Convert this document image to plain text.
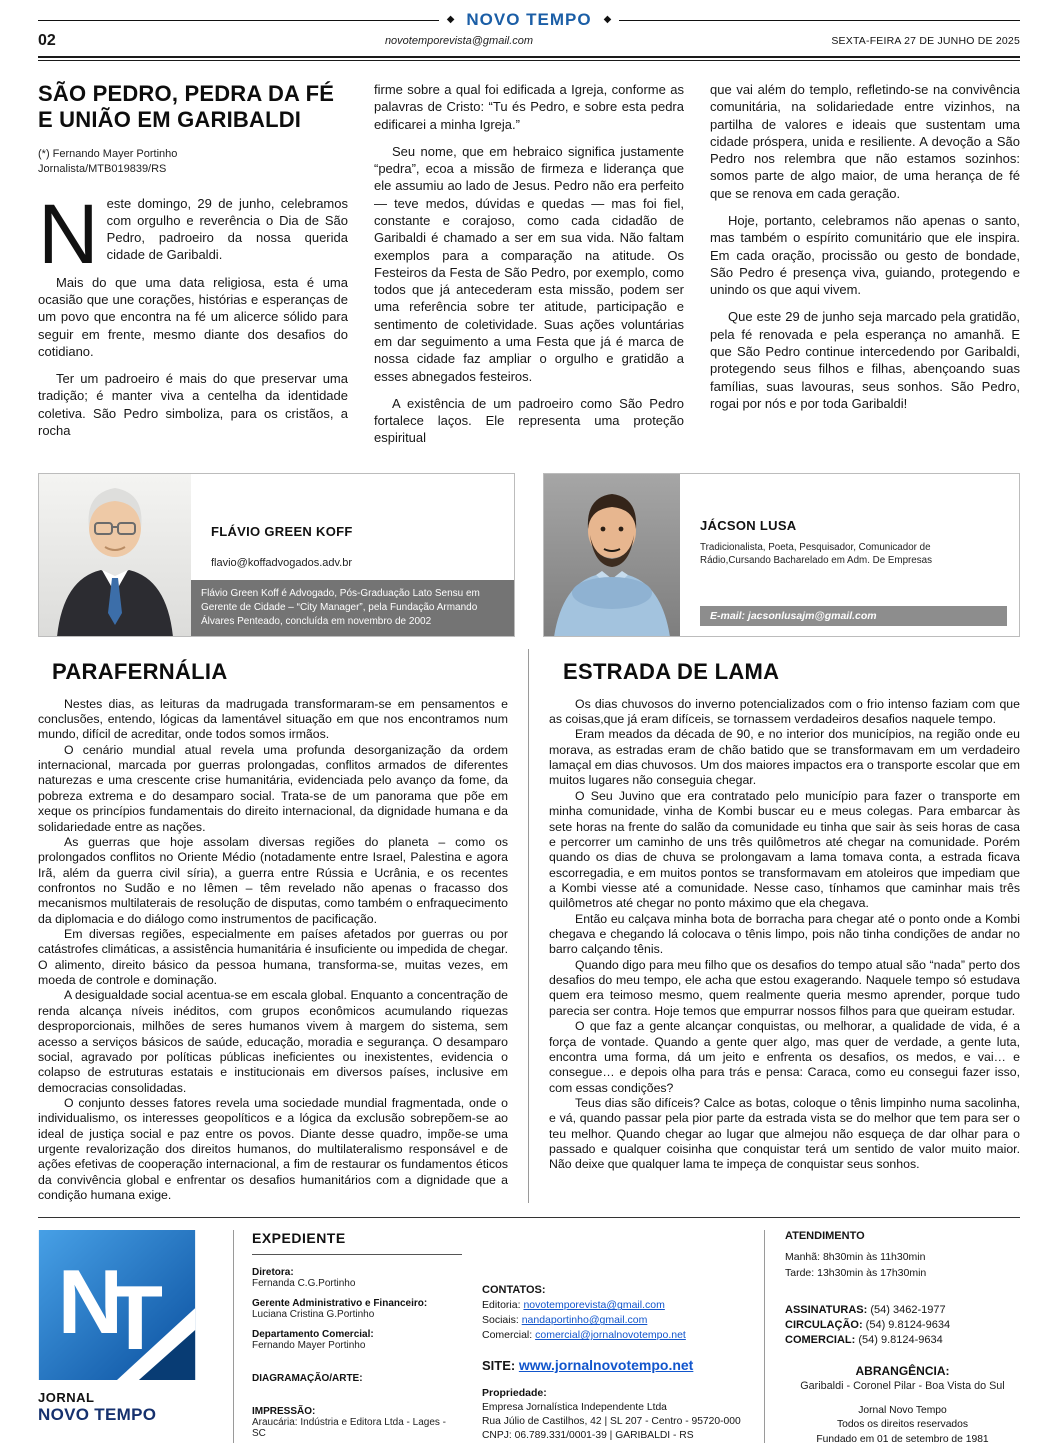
◆ NOVO TEMPO	◆
02	novotemporevista@gmail.com	SEXTA-FEIRA 27 DE JUNHO DE 2025
SÃO PEDRO, PEDRA DA FÉ E UNIÃO EM GARIBALDI

(*) Fernando Mayer Portinho

Jornalista/MTB019839/RS

Neste domingo, 29 de junho, celebramos com orgulho e reverência o Dia de São Pedro, padroeiro da nossa querida cidade de Garibaldi.

Mais do que uma data religiosa, esta é uma ocasião que une corações, histórias e esperanças de um povo que encontra na fé um alicerce sólido para seguir em frente, mesmo diante dos desafios do cotidiano.

Ter um padroeiro é mais do que preservar uma tradição; é manter viva a centelha da identidade coletiva. São Pedro simboliza, para os cristãos, a rocha

firme sobre a qual foi edificada a Igreja, conforme as palavras de Cristo: “Tu és Pedro, e sobre esta pedra edificarei a minha Igreja.”

Seu nome, que em hebraico significa justamente “pedra”, ecoa a missão de firmeza e liderança que ele assumiu ao lado de Jesus. Pedro não era perfeito — teve medos, dúvidas e quedas — mas foi fiel, constante e corajoso, como cada cidadão de Garibaldi é chamado a ser em sua vida. Não faltam exemplos para a comparação na atitude. Os Festeiros da Festa de São Pedro, por exemplo, como todos que já antecederam esta missão, podem ser uma referência sobre ter atitude, participação e sentimento de coletividade. Suas ações voluntárias em dar seguimento a uma Festa que já é marca de nossa cidade faz ampliar o orgulho e gratidão a esses abnegados festeiros.

A existência de um padroeiro como São Pedro fortalece laços. Ele representa uma proteção espiritual

que vai além do templo, refletindo-se na convivência comunitária, na solidariedade entre vizinhos, na partilha de valores e ideais que sustentam uma cidade próspera, unida e resiliente. A devoção a São Pedro nos relembra que não estamos sozinhos: somos parte de algo maior, de uma herança de fé que se renova em cada geração.

Hoje, portanto, celebramos não apenas o santo, mas também o espírito comunitário que ele inspira. Em cada oração, procissão ou gesto de bondade, São Pedro é presença viva, guiando, protegendo e unindo os que aqui vivem.

Que este 29 de junho seja marcado pela gratidão, pela fé renovada e pela esperança no amanhã. E que São Pedro continue intercedendo por Garibaldi, protegendo seus filhos e filhas, abençoando suas famílias, suas lavouras, seus sonhos. São Pedro, rogai por nós e por toda Garibaldi!

FLÁVIO GREEN KOFF
flavio@koffadvogados.adv.br
Flávio Green Koff é Advogado, Pós-Graduação Lato Sensu em Gerente de Cidade – “City Manager”, pela Fundação Armando Álvares Penteado, concluída em novembro de 2002
JÁCSON LUSA
Tradicionalista, Poeta, Pesquisador, Comunicador de Rádio,Cursando Bacharelado em Adm. De Empresas
E-mail: jacsonlusajm@gmail.com
PARAFERNÁLIA

Nestes dias, as leituras da madrugada transformaram-se em pensamentos e conclusões, entendo, lógicas da lamentável situação em que nos encontramos num mundo, difícil de acreditar, onde todos somos irmãos.

O cenário mundial atual revela uma profunda desorganização da ordem internacional, marcada por guerras prolongadas, conflitos armados de diferentes naturezas e uma crescente crise humanitária, evidenciada pelo avanço da fome, da pobreza extrema e do desamparo social. Trata-se de um panorama que põe em xeque os princípios fundamentais do direito internacional, da dignidade humana e da solidariedade entre as nações.

As guerras que hoje assolam diversas regiões do planeta – como os prolongados conflitos no Oriente Médio (notadamente entre Israel, Palestina e agora Irã, além da guerra civil síria), a guerra entre Rússia e Ucrânia, e os recentes confrontos no Sudão e no Iêmen – têm revelado não apenas o fracasso dos mecanismos multilaterais de resolução de disputas, como também o enfraquecimento da diplomacia e do diálogo como instrumentos de pacificação.

Em diversas regiões, especialmente em países afetados por guerras ou por catástrofes climáticas, a assistência humanitária é insuficiente ou impedida de chegar. O alimento, direito básico da pessoa humana, transforma-se, muitas vezes, em moeda de controle e dominação.

A desigualdade social acentua-se em escala global. Enquanto a concentração de renda alcança níveis inéditos, com grupos econômicos acumulando riquezas desproporcionais, milhões de seres humanos vivem à margem do sistema, sem acesso a serviços básicos de saúde, educação, moradia e segurança. O desamparo social, agravado por políticas públicas ineficientes ou inexistentes, evidencia o colapso de estruturas estatais e institucionais em diversos países, inclusive em democracias consolidadas.

O conjunto desses fatores revela uma sociedade mundial fragmentada, onde o individualismo, os interesses geopolíticos e a lógica da exclusão sobrepõem-se ao ideal de justiça social e paz entre os povos. Diante desse quadro, impõe-se uma urgente revalorização dos direitos humanos, do multilateralismo responsável e de ações efetivas de cooperação internacional, a fim de restaurar os fundamentos éticos da convivência global e enfrentar os desafios humanitários com a dignidade que a condição humana exige.

ESTRADA DE LAMA

Os dias chuvosos do inverno potencializados com o frio intenso faziam com que as coisas,que já eram difíceis, se tornassem verdadeiros desafios naquele tempo.

Eram meados da década de 90, e no interior dos municípios, na região onde eu morava, as estradas eram de chão batido que se transformavam em um verdadeiro lamaçal em dias chuvosos. Um dos maiores impactos era o transporte escolar que em muitos lugares não conseguia chegar.

O Seu Juvino que era contratado pelo município para fazer o transporte em minha comunidade, vinha de Kombi buscar eu e meus colegas. Para embarcar às sete horas na frente do salão da comunidade eu tinha que sair às seis horas de casa e percorrer um caminho de uns três quilômetros até chegar na comunidade. Porém quando os dias de chuva se prolongavam a lama tomava conta, a estrada ficava escorregadia, e em muitos pontos se transformavam em atoleiros que impediam que a Kombi viesse até a comunidade. Nesse caso, tínhamos que caminhar mais três quilômetros até chegar no ponto máximo que ela chegava.

Então eu calçava minha bota de borracha para chegar até o ponto onde a Kombi chegava e chegando lá colocava o tênis limpo, pois não tinha condições de andar no barro calçando tênis.

Quando digo para meu filho que os desafios do tempo atual são “nada” perto dos desafios do meu tempo, ele acha que estou exagerando. Naquele tempo só estudava quem era teimoso mesmo, quem realmente queria mesmo aprender, porque tudo parecia ser contra. Hoje temos que empurrar nossos filhos para que queiram estudar.

O que faz a gente alcançar conquistas, ou melhorar, a qualidade de vida, é a força de vontade. Quando a gente quer algo, mas quer de verdade, a gente luta, encontra uma forma, dá um jeito e enfrenta os desafios, os medos, e vai… e consegue… e depois olha para trás e pensa: Caraca, como eu consegui fazer isso, com essas condições?

Teus dias são difíceis? Calce as botas, coloque o tênis limpinho numa sacolinha, e vá, quando passar pela pior parte da estrada vista se do melhor que tem para ser o teu melhor. Quando chegar ao lugar que almejou não esqueça de dar olhar para o passado e qualquer coisinha que conquistar terá um sentido de valor muito maior. Não deixe que qualquer lama te impeça de conquistar seus sonhos.

N
T
JORNAL
NOVO TEMPO
EXPEDIENTE

Diretora:

Fernanda C.G.Portinho

Gerente Administrativo e Financeiro:

Luciana Cristina G.Portinho

Departamento Comercial:

Fernando Mayer Portinho

DIAGRAMAÇÃO/ARTE:

IMPRESSÃO:

Araucária: Indústria e Editora Ltda - Lages - SC

CONTATOS:

Editoria: novotemporevista@gmail.com

Sociais: nandaportinho@gmail.com

Comercial: comercial@jornalnovotempo.net

SITE: www.jornalnovotempo.net

Propriedade:

Empresa Jornalística Independente Ltda

Rua Júlio de Castilhos, 42 | SL 207 - Centro - 95720-000

CNPJ: 06.789.331/0001-39 | GARIBALDI - RS

ATENDIMENTO

Manhã: 8h30min às 11h30min

Tarde: 13h30min às 17h30min

ASSINATURAS: (54) 3462-1977

CIRCULAÇÃO: (54) 9.8124-9634

COMERCIAL: (54) 9.8124-9634

ABRANGÊNCIA:

Garibaldi - Coronel Pilar - Boa Vista do Sul

Jornal Novo Tempo

Todos os direitos reservados

Fundado em 01 de setembro de 1981
